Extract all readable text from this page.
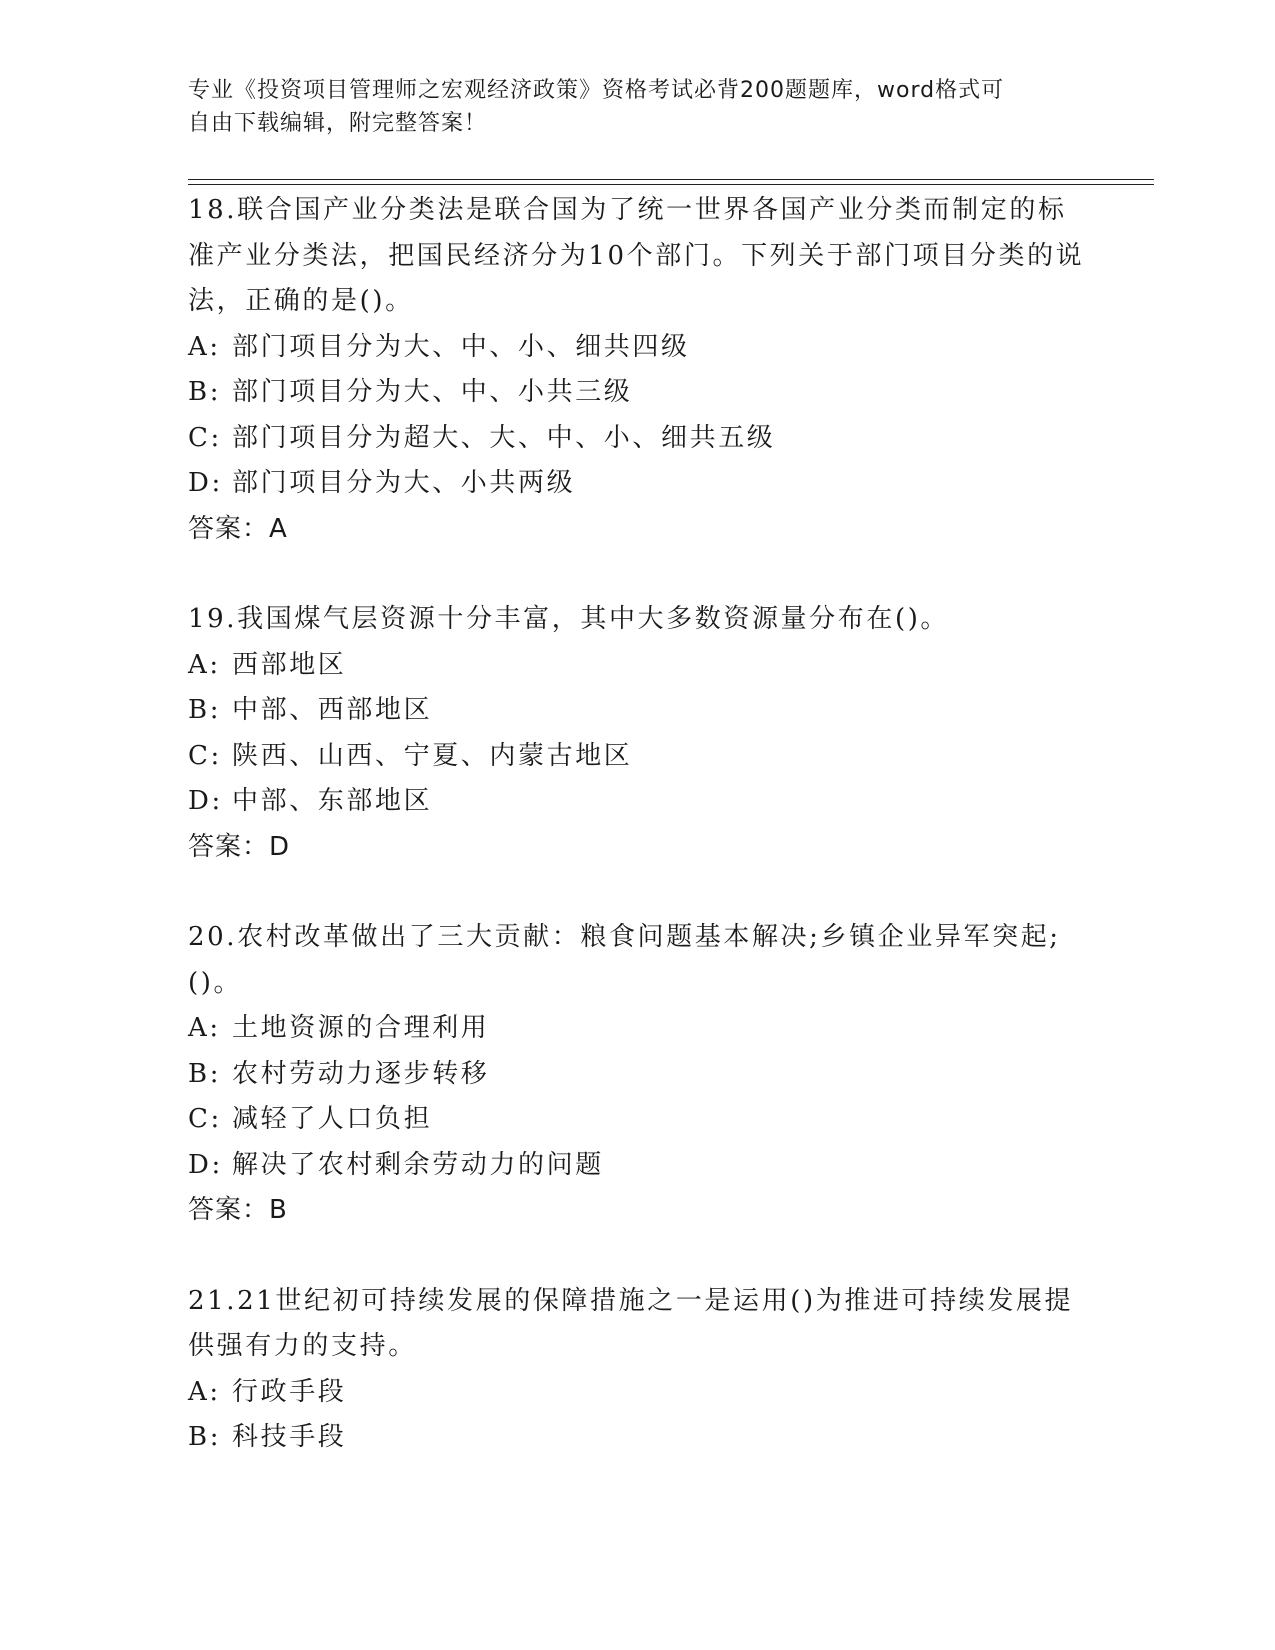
专业《投资项目管理师之宏观经济政策》资格考试必背200题题库，word格式可
自由下载编辑，附完整答案！

18.联合国产业分类法是联合国为了统一世界各国产业分类而制定的标准产业分类法，把国民经济分为10个部门。下列关于部门项目分类的说法，正确的是()。

A: 部门项目分为大、中、小、细共四级

B: 部门项目分为大、中、小共三级

C: 部门项目分为超大、大、中、小、细共五级

D: 部门项目分为大、小共两级

答案：A

19.我国煤气层资源十分丰富，其中大多数资源量分布在()。

A: 西部地区

B: 中部、西部地区

C: 陕西、山西、宁夏、内蒙古地区

D: 中部、东部地区

答案：D

20.农村改革做出了三大贡献：粮食问题基本解决;乡镇企业异军突起;()。

A: 土地资源的合理利用

B: 农村劳动力逐步转移

C: 减轻了人口负担

D: 解决了农村剩余劳动力的问题

答案：B

21.21世纪初可持续发展的保障措施之一是运用()为推进可持续发展提供强有力的支持。

A: 行政手段

B: 科技手段
